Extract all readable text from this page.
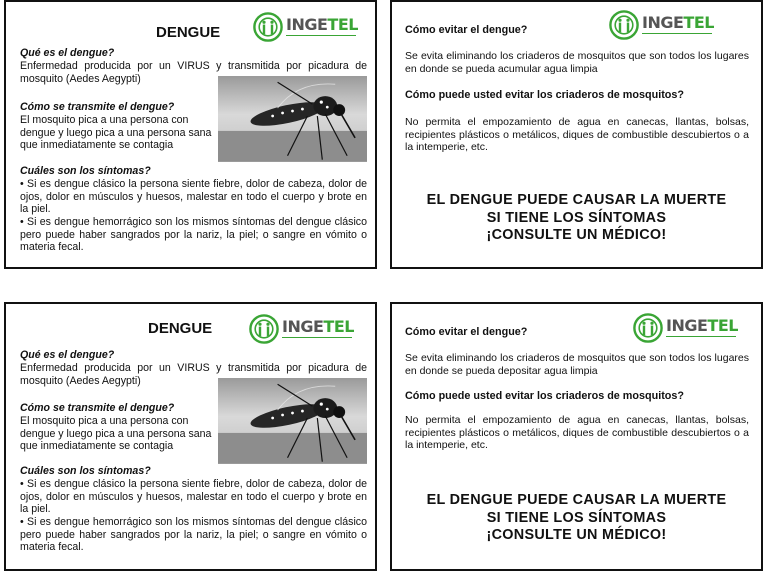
DENGUE	INGETEL
Qué es el dengue?
Enfermedad producida por un VIRUS y transmitida por picadura de mosquito (Aedes Aegypti)
Cómo se transmite el dengue?
El mosquito pica a una persona con dengue y luego pica a una persona sana que inmediatamente se contagia
Cuáles son los síntomas?
• Si es dengue clásico la persona siente fiebre, dolor de cabeza, dolor de ojos, dolor en músculos y huesos, malestar en todo el cuerpo y brote en la piel.
• Si es dengue hemorrágico son los mismos síntomas del dengue clásico pero puede haber sangrados por la nariz, la piel; o sangre en vómito o materia fecal.
Cómo evitar el dengue?	INGETEL
Se evita eliminando los criaderos de mosquitos que son todos los lugares en donde se pueda acumular agua limpia
Cómo puede usted evitar los criaderos de mosquitos?
No permita el empozamiento de agua en canecas, llantas, bolsas, recipientes plásticos o metálicos, diques de combustible descubiertos o a la intemperie, etc.
EL DENGUE PUEDE CAUSAR LA MUERTE
SI TIENE LOS SÍNTOMAS
¡CONSULTE UN MÉDICO!
DENGUE	INGETEL
Qué es el dengue?
Enfermedad producida por un VIRUS y transmitida por picadura de mosquito (Aedes Aegypti)
Cómo se transmite el dengue?
El mosquito pica a una persona con dengue y luego pica a una persona sana que inmediatamente se contagia
Cuáles son los síntomas?
• Si es dengue clásico la persona siente fiebre, dolor de cabeza, dolor de ojos, dolor en músculos y huesos, malestar en todo el cuerpo y brote en la piel.
• Si es dengue hemorrágico son los mismos síntomas del dengue clásico pero puede haber sangrados por la nariz, la piel; o sangre en vómito o materia fecal.
Cómo evitar el dengue?	INGETEL
Se evita eliminando los criaderos de mosquitos que son todos los lugares en donde se pueda depositar agua limpia
Cómo puede usted evitar los criaderos de mosquitos?
No permita el empozamiento de agua en canecas, llantas, bolsas, recipientes plásticos o metálicos, diques de combustible descubiertos o a la intemperie, etc.
EL DENGUE PUEDE CAUSAR LA MUERTE
SI TIENE LOS SÍNTOMAS
¡CONSULTE UN MÉDICO!
